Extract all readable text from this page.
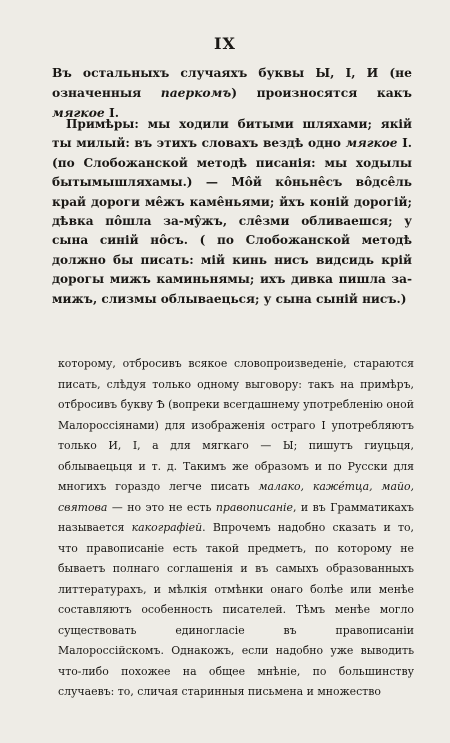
IX

Въ остальныхъ случаяхъ буквы Ы, І, И (не означенныя паеркомъ) произносятся какъ мягкое І.

Примѣры: мы ходили битыми шляхами; якій ты милый: въ этихъ словахъ вездѣ одно мягкое І. (по Слобожанской методѣ писанія: мы ходылы бытымышляхамы.) — Мôй кôньнêсъ вôдсêль край дороги мêжъ камêньями; йхъ коній дорогій; дѣвка пôшла за-мŷжъ, слêзми обливаешся; у сына синій нôсъ. ( по Слобожанской методѣ должно бы писать: мій кинь нисъ видсидь крій дорогы мижъ каминьнямы; ихъ дивка пишла за-мижъ, слизмы облываецься; у сына сыній нисъ.)

которому, отбросивъ всякое словопроизведеніе, стараются писать, слѣдуя только одному выговору: такъ на примѣръ, отбросивъ букву Ѣ (вопреки всегдашнему употребленію оной Малороссіянами) для изображенія остраго І употребляютъ только И, І, а для мягкаго — Ы; пишутъ гиуцьця, облываецьця и т. д. Такимъ же образомъ и по Русски для многихъ гораздо легче писать малако, каже́тца, майо, святова — но это не есть правописаніе, и въ Грамматикахъ называется какографіей. Впрочемъ надобно сказать и то, что правописаніе есть такой предметъ, по которому не бываетъ полнаго соглашенія и въ самыхъ образованныхъ литтературахъ, и мѣлкія отмѣнки онаго болѣе или менѣе составляютъ особенность писателей. Тѣмъ менѣе могло существовать единогласіе въ правописаніи Малороссійскомъ. Однакожъ, если надобно уже выводить что-либо похожее на общее мнѣніе, по большинству случаевъ: то, сличая старинныя письмена и множество
